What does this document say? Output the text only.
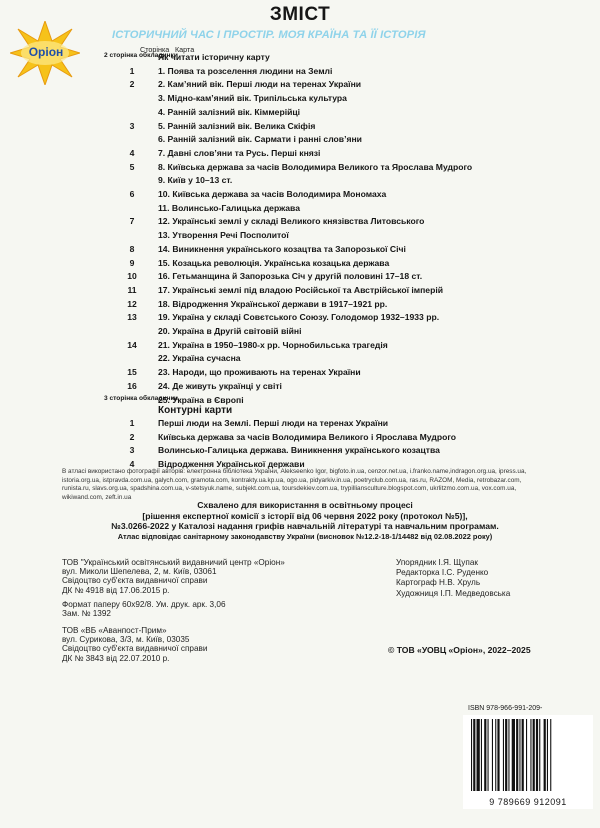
ЗМІСТ
ІСТОРИЧНИЙ ЧАС І ПРОСТІР. МОЯ КРАЇНА ТА ЇЇ ІСТОРІЯ
Оріон	Сторінка Карта
2 сторінка обкладинки
Як читати історичну карту
1	1. Поява та розселення людини на Землі
2	2. Кам’яний вік. Перші люди на теренах України
3. Мідно-кам’яний вік. Трипільська культура
4. Ранній залізний вік. Кіммерійці
3	5. Ранній залізний вік. Велика Скіфія
6. Ранній залізний вік. Сармати і ранні слов’яни
4	7. Давні слов’яни та Русь. Перші князі
5	8. Київська держава за часів Володимира Великого та Ярослава Мудрого
9. Київ у 10–13 ст.
6	10. Київська держава за часів Володимира Мономаха
11. Волинсько-Галицька держава
7	12. Українські землі у складі Великого князівства Литовського
13. Утворення Речі Посполитої
8	14. Виникнення українського козацтва та Запорозької Січі
9	15. Козацька революція. Українська козацька держава
10	16. Гетьманщина й Запорозька Січ у другій половині 17–18 ст.
11	17. Українські землі під владою Російської та Австрійської імперій
12	18. Відродження Української держави в 1917–1921 рр.
13	19. Україна у складі Совєтського Союзу. Голодомор 1932–1933 рр.
20. Україна в Другій світовій війні
14	21. Україна в 1950–1980-х рр. Чорнобильська трагедія
22. Україна сучасна
15	23. Народи, що проживають на теренах України
16	24. Де живуть українці у світі
3 сторінка обкладинки
25. Україна в Європі
Контурні карти
1	Перші люди на Землі. Перші люди на теренах України
2	Київська держава за часів Володимира Великого і Ярослава Мудрого
3	Волинсько-Галицька держава. Виникнення українського козацтва
4	Відродження Української держави
В атласі використано фотографії авторів: електронна бібліотека України, Alekseenko Igor, bigfoto.in.ua, cenzor.net.ua, i.franko.name,indragon.org.ua, ipress.ua, istoria.org.ua, istpravda.com.ua, galych.com, gramota.com, kontrakty.ua.kp.ua, ogo.ua, pidyarkiv.in.ua, poetryclub.com.ua, ras.ru, RAZOM, Media, retrobazar.com, runista.ru, slavs.org.ua, spadshina.com.ua, v-stetsyuk.name, subjekt.com.ua, toursdekiev.com.ua, trypilliansculture.blogspot.com, ukrlitzmo.com.ua, vox.com.ua, wikiwand.com, zeft.in.ua
Схвалено для використання в освітньому процесі
[рішення експертної комісії з історії від 06 червня 2022 року (протокол №5)],
№3.0266-2022 у Каталозі надання грифів навчальній літературі та навчальним програмам.
Атлас відповідає санітарному законодавству України (висновок №12.2-18-1/14482 від 02.08.2022 року)
ТОВ "Український освітянський видавничий центр «Оріон»
вул. Миколи Шепелева, 2, м. Київ, 03061
Свідоцтво суб'єкта видавничої справи
ДК № 4918 від 17.06.2015 р.
Формат паперу 60х92/8. Ум. друк. арк. 3,06
Зам. № 1392
ТОВ «ВБ «Аванпост-Прим»
вул. Сурикова, 3/3, м. Київ, 03035
Свідоцтво суб'єкта видавничої справи
ДК № 3843 від 22.07.2010 р.
Упорядник І.Я. Щупак
Редакторка І.С. Руденко
Картограф Н.В. Хруль
Художниця І.П. Медведовська
© ТОВ «УОВЦ «Оріон», 2022–2025
ISBN 978-966-991-209-
9 789669 912091
